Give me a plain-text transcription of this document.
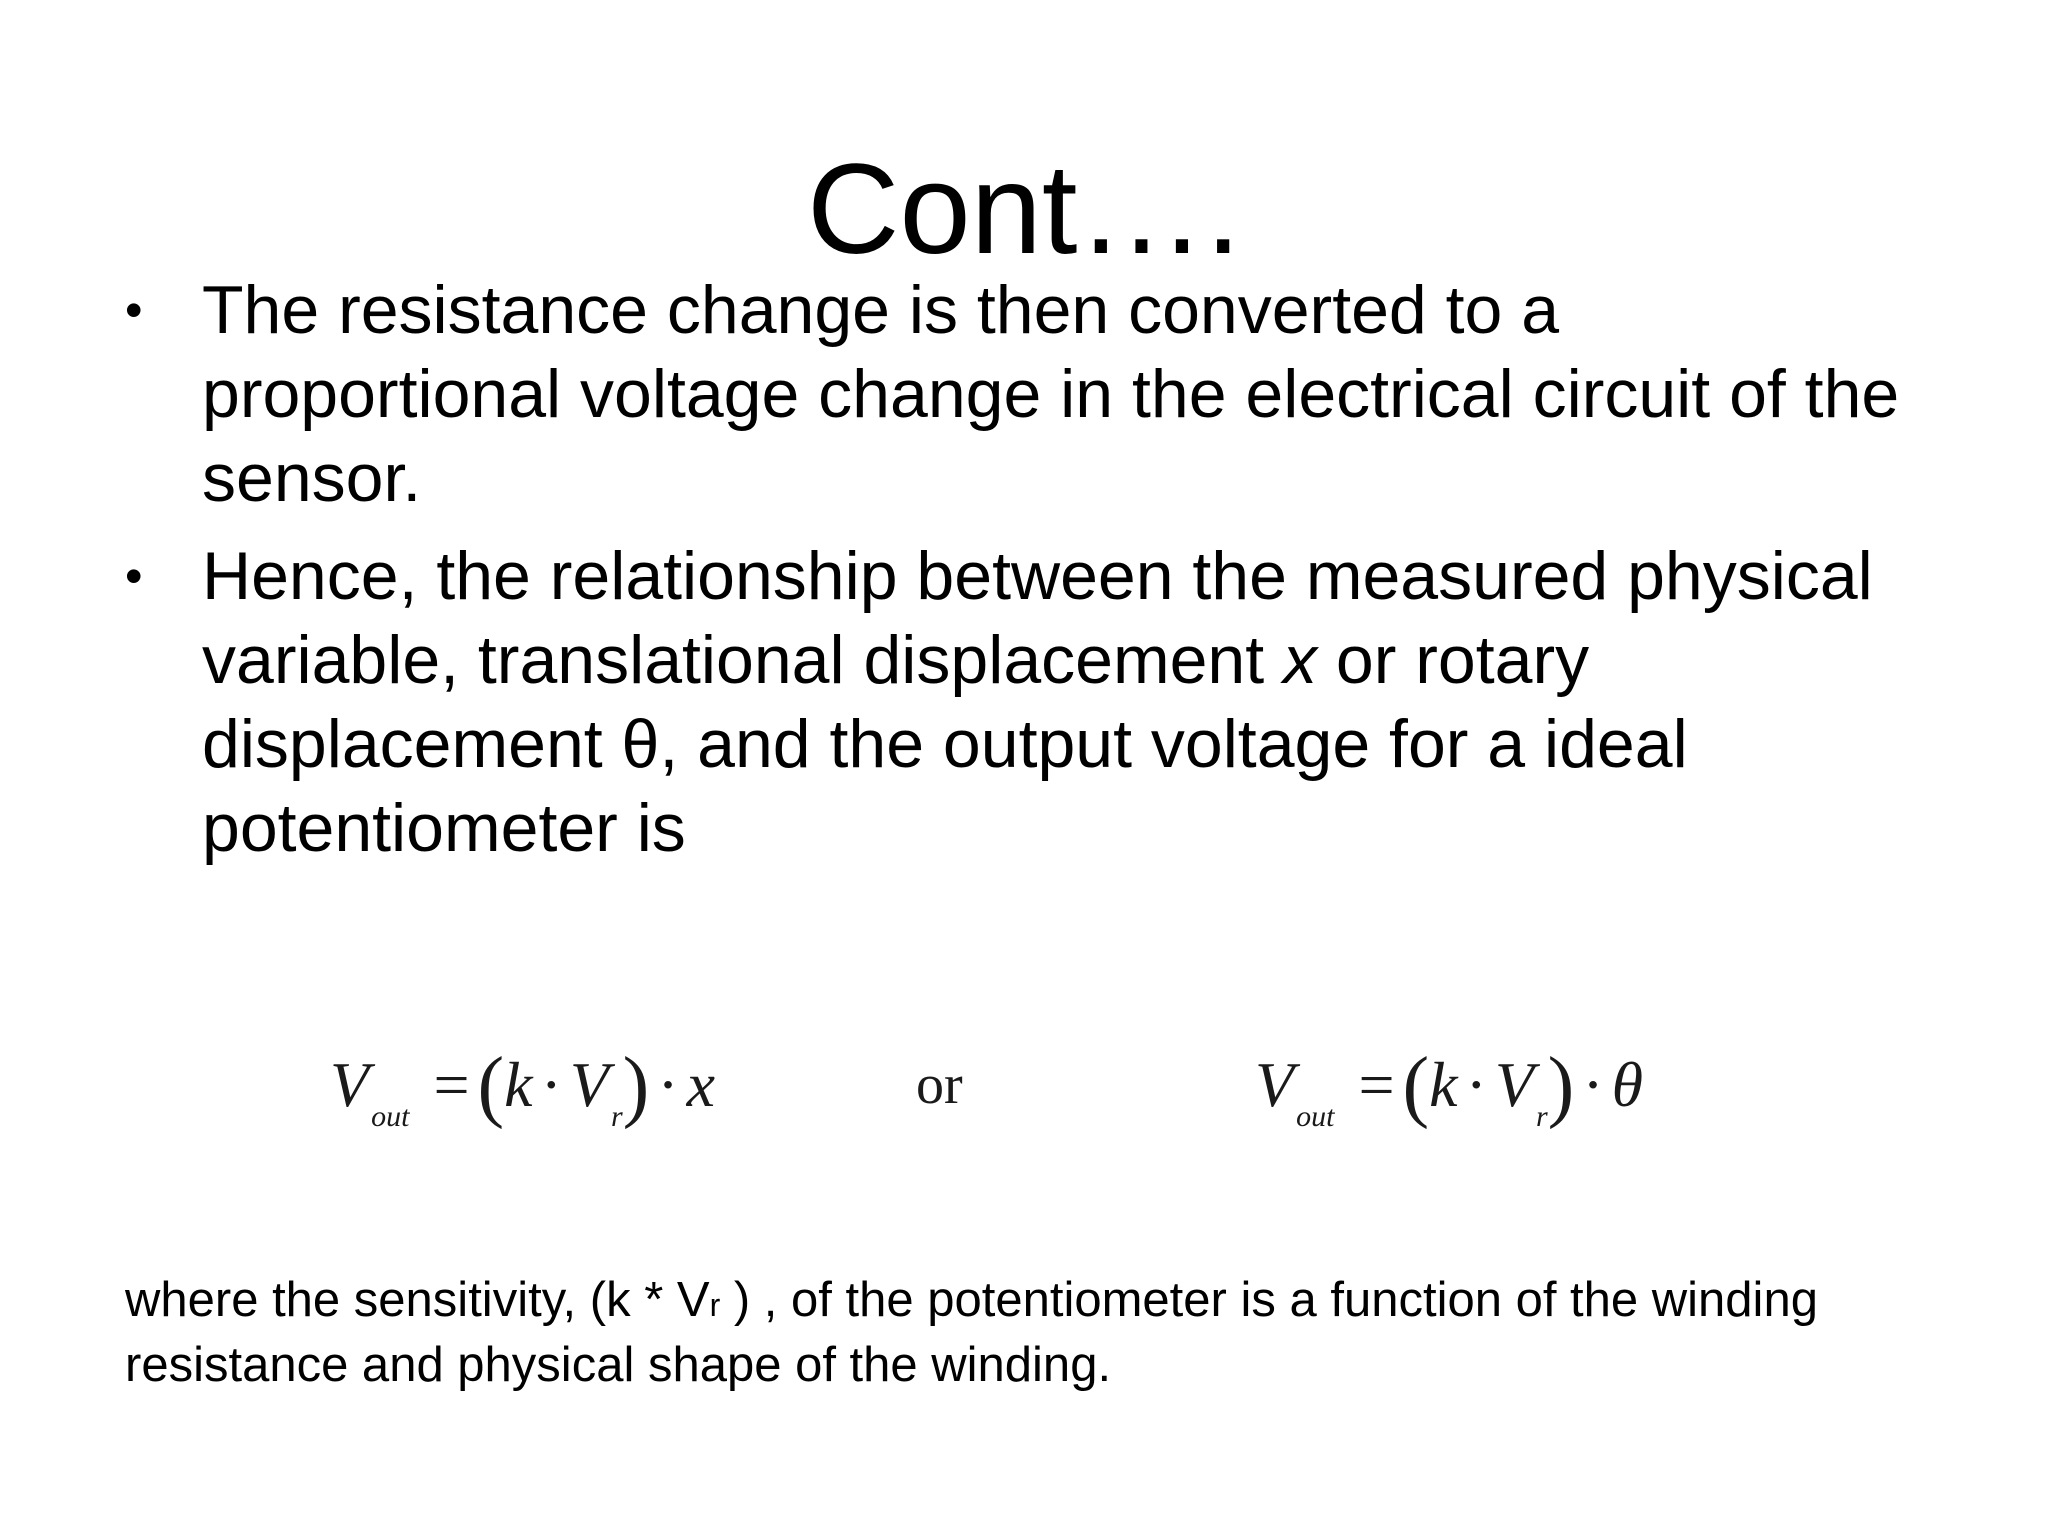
Cont….
• The resistance change is then converted to a
proportional voltage change in the electrical circuit of the
sensor.
• Hence, the relationship between the measured physical
variable, translational displacement x or rotary
displacement θ, and the output voltage for a ideal
potentiometer is
$V_{out} = (k \cdot V_r) \cdot x$	or	$V_{out} = (k \cdot V_r) \cdot \theta$
where the sensitivity, (k * Vr ) , of the potentiometer is a function of the winding
resistance and physical shape of the winding.
